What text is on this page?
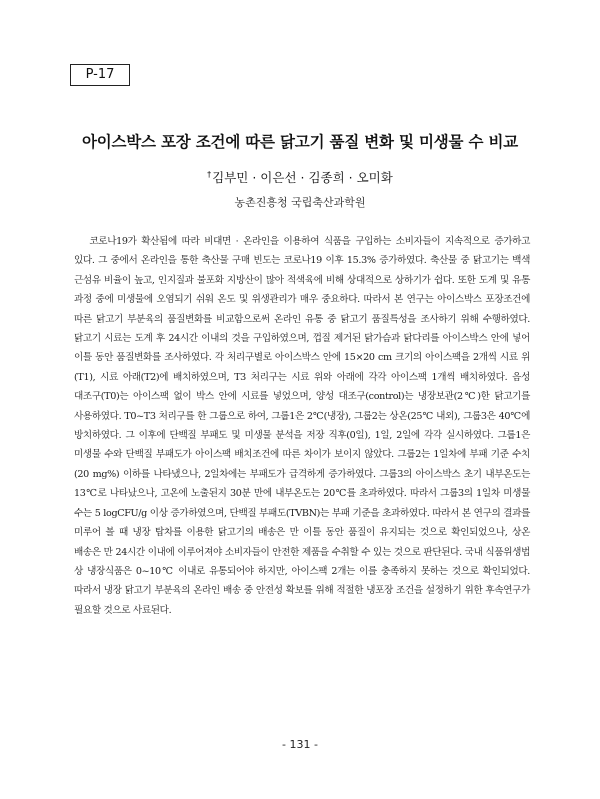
P-17
아이스박스 포장 조건에 따른 닭고기 품질 변화 및 미생물 수 비교
†김부민 · 이은선 · 김종희 · 오미화
농촌진흥청 국립축산과학원

코로나19가 확산됨에 따라 비대면 · 온라인을 이용하여 식품을 구입하는 소비자들이 지속적으로 증가하고 있다. 그 중에서 온라인을 통한 축산물 구매 빈도는 코로나19 이후 15.3% 증가하였다. 축산물 중 닭고기는 백색 근섬유 비율이 높고, 인지질과 불포화 지방산이 많아 적색육에 비해 상대적으로 상하기가 쉽다. 또한 도계 및 유통 과정 중에 미생물에 오염되기 쉬워 온도 및 위생관리가 매우 중요하다. 따라서 본 연구는 아이스박스 포장조건에 따른 닭고기 부분육의 품질변화를 비교함으로써 온라인 유통 중 닭고기 품질특성을 조사하기 위해 수행하였다. 닭고기 시료는 도계 후 24시간 이내의 것을 구입하였으며, 껍질 제거된 닭가슴과 닭다리를 아이스박스 안에 넣어 이틀 동안 품질변화를 조사하였다. 각 처리구별로 아이스박스 안에 15×20 cm 크기의 아이스팩을 2개씩 시료 위(T1), 시료 아래(T2)에 배치하였으며, T3 처리구는 시료 위와 아래에 각각 아이스팩 1개씩 배치하였다. 음성 대조구(T0)는 아이스팩 없이 박스 안에 시료를 넣었으며, 양성 대조구(control)는 냉장보관(2℃)한 닭고기를 사용하였다. T0~T3 처리구를 한 그룹으로 하여, 그룹1은 2℃(냉장), 그룹2는 상온(25℃ 내외), 그룹3은 40℃에 방치하였다. 그 이후에 단백질 부패도 및 미생물 분석을 저장 직후(0일), 1일, 2일에 각각 실시하였다. 그룹1은 미생물 수와 단백질 부패도가 아이스팩 배치조건에 따른 차이가 보이지 않았다. 그룹2는 1일차에 부패 기준 수치(20 mg%) 이하를 나타냈으나, 2일차에는 부패도가 급격하게 증가하였다. 그룹3의 아이스박스 초기 내부온도는 13℃로 나타났으나, 고온에 노출된지 30분 만에 내부온도는 20℃를 초과하였다. 따라서 그룹3의 1일차 미생물 수는 5 logCFU/g 이상 증가하였으며, 단백질 부패도(TVBN)는 부패 기준을 초과하였다. 따라서 본 연구의 결과를 미루어 볼 때 냉장 탑차를 이용한 닭고기의 배송은 만 이틀 동안 품질이 유지되는 것으로 확인되었으나, 상온 배송은 만 24시간 이내에 이루어져야 소비자들이 안전한 제품을 수취할 수 있는 것으로 판단된다. 국내 식품위생법 상 냉장식품은 0~10℃ 이내로 유통되어야 하지만, 아이스팩 2개는 이를 충족하지 못하는 것으로 확인되었다. 따라서 냉장 닭고기 부분육의 온라인 배송 중 안전성 확보를 위해 적절한 냉포장 조건을 설정하기 위한 후속연구가 필요할 것으로 사료된다.

- 131 -
